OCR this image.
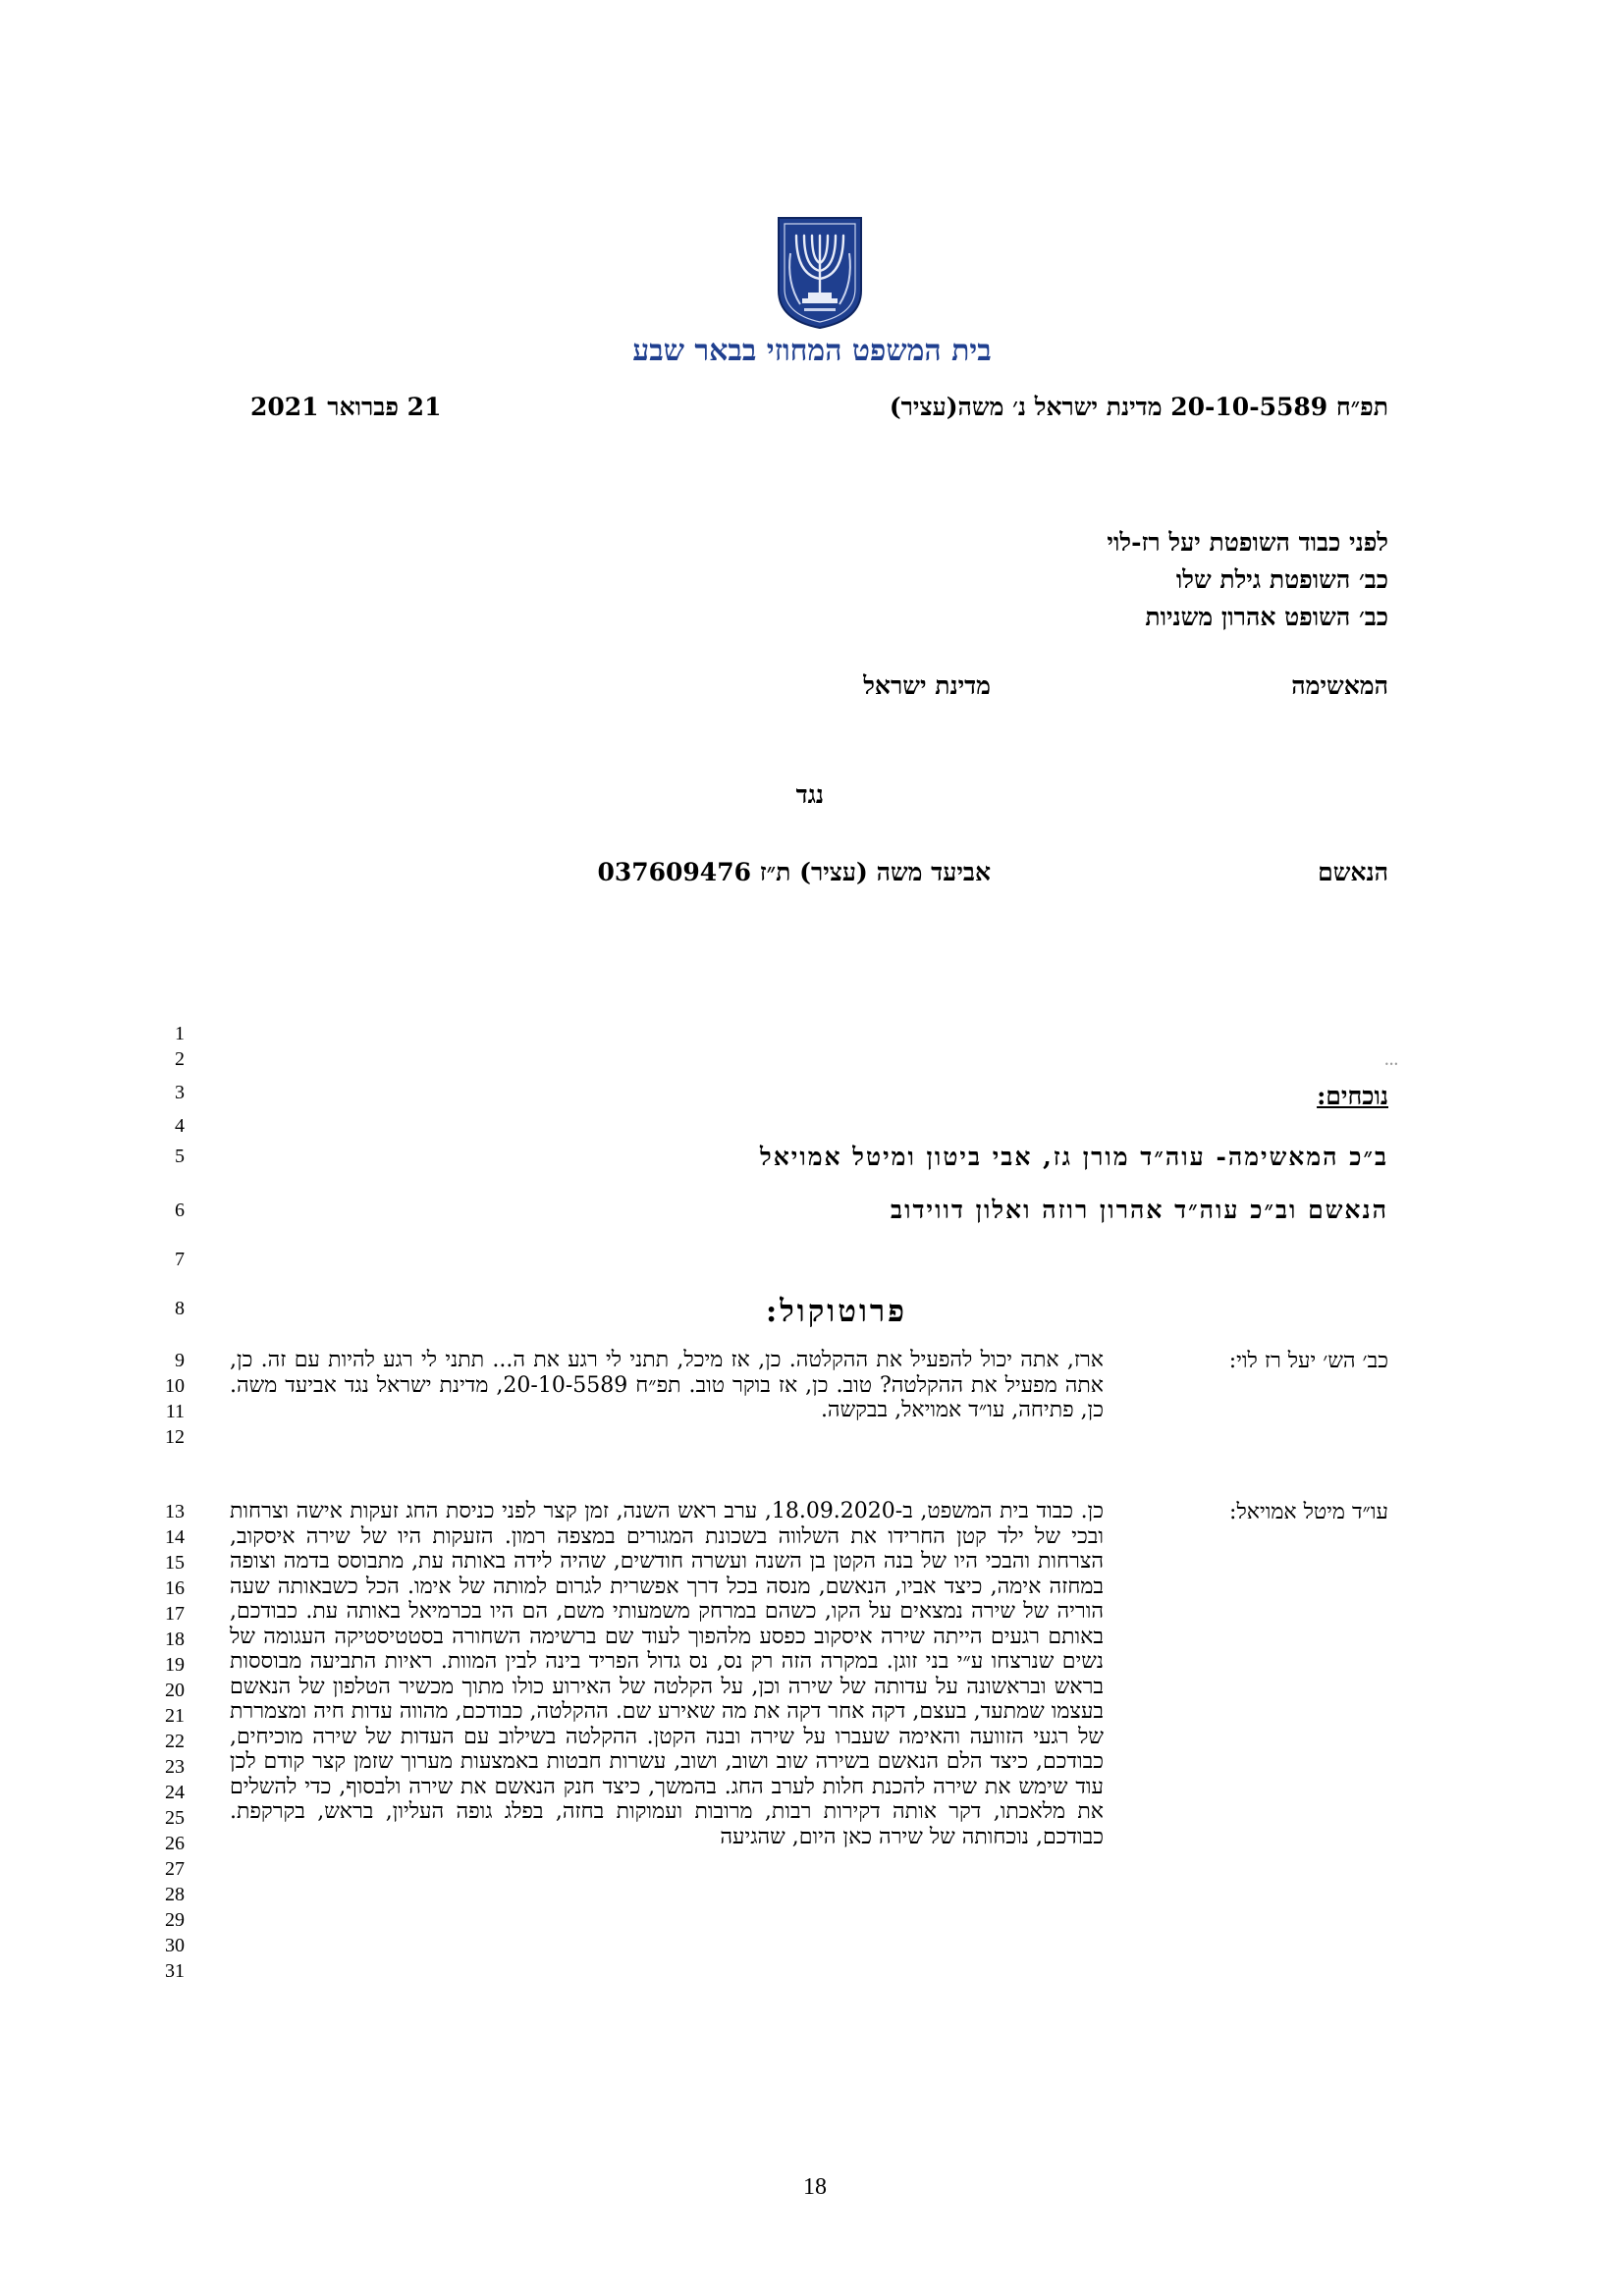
בית המשפט המחוזי בבאר שבע
תפ״ח 20-10-5589 מדינת ישראל נ׳ משה(עציר)
21 פברואר 2021
לפני כבוד השופטת יעל רז-לוי
כב׳ השופטת גילת שלו
כב׳ השופט אהרון משניות
המאשימה
מדינת ישראל
נגד
הנאשם
אביעד משה (עציר) ת״ז 037609476
1
2
3
4
5
6
7
8
9
10
11
12
13
14
15
16
17
18
19
20
21
22
23
24
25
26
27
28
29
30
31
•••
נוכחים:
ב״כ המאשימה- עוה״ד מורן גז, אבי ביטון ומיטל אמויאל
הנאשם וב״כ עוה״ד אהרון רוזה ואלון דווידוב
פרוטוקול:
כב׳ הש׳ יעל רז לוי:
ארז, אתה יכול להפעיל את ההקלטה. כן, אז מיכל, תתני לי רגע את ה... תתני לי רגע להיות עם זה. כן, אתה מפעיל את ההקלטה? טוב. כן, אז בוקר טוב. תפ״ח 20-10-5589, מדינת ישראל נגד אביעד משה. כן, פתיחה, עו״ד אמויאל, בבקשה.
עו״ד מיטל אמויאל:
כן. כבוד בית המשפט, ב-18.09.2020, ערב ראש השנה, זמן קצר לפני כניסת החג זעקות אישה וצרחות ובכי של ילד קטן החרידו את השלווה בשכונת המגורים במצפה רמון. הזעקות היו של שירה איסקוב, הצרחות והבכי היו של בנה הקטן בן השנה ועשרה חודשים, שהיה לידה באותה עת, מתבוסס בדמה וצופה במחזה אימה, כיצד אביו, הנאשם, מנסה בכל דרך אפשרית לגרום למותה של אימו. הכל כשבאותה שעה הוריה של שירה נמצאים על הקו, כשהם במרחק משמעותי משם, הם היו בכרמיאל באותה עת. כבודכם, באותם רגעים הייתה שירה איסקוב כפסע מלהפוך לעוד שם ברשימה השחורה בסטטיסטיקה העגומה של נשים שנרצחו ע״י בני זוגן. במקרה הזה רק נס, נס גדול הפריד בינה לבין המוות. ראיות התביעה מבוססות בראש ובראשונה על עדותה של שירה וכן, על הקלטה של האירוע כולו מתוך מכשיר הטלפון של הנאשם בעצמו שמתעד, בעצם, דקה אחר דקה את מה שאירע שם. ההקלטה, כבודכם, מהווה עדות חיה ומצמררת של רגעי הזוועה והאימה שעברו על שירה ובנה הקטן. ההקלטה בשילוב עם העדות של שירה מוכיחים, כבודכם, כיצד הלם הנאשם בשירה שוב ושוב, ושוב, עשרות חבטות באמצעות מערוך שזמן קצר קודם לכן עוד שימש את שירה להכנת חלות לערב החג. בהמשך, כיצד חנק הנאשם את שירה ולבסוף, כדי להשלים את מלאכתו, דקר אותה דקירות רבות, מרובות ועמוקות בחזה, בפלג גופה העליון, בראש, בקרקפת. כבודכם, נוכחותה של שירה כאן היום, שהגיעה
18
